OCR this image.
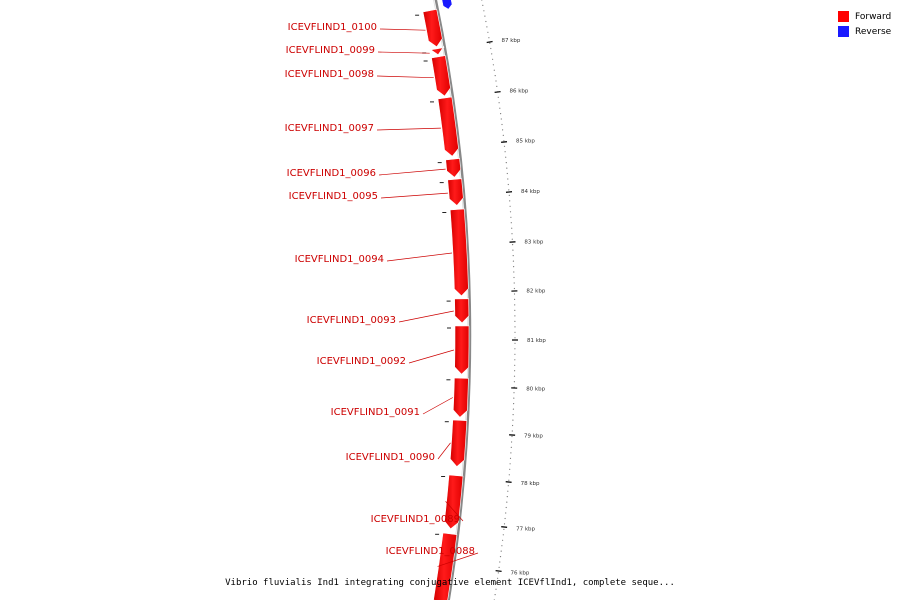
87 kbp
86 kbp
85 kbp
84 kbp
83 kbp
82 kbp
81 kbp
80 kbp
79 kbp
78 kbp
77 kbp
76 kbp
ICEVFLIND1_0100
ICEVFLIND1_0099
ICEVFLIND1_0098
ICEVFLIND1_0097
ICEVFLIND1_0096
ICEVFLIND1_0095
ICEVFLIND1_0094
ICEVFLIND1_0093
ICEVFLIND1_0092
ICEVFLIND1_0091
ICEVFLIND1_0090
ICEVFLIND1_0089
ICEVFLIND1_0088
Forward
Reverse
Vibrio fluvialis Ind1 integrating conjugative element ICEVflInd1, complete seque...
